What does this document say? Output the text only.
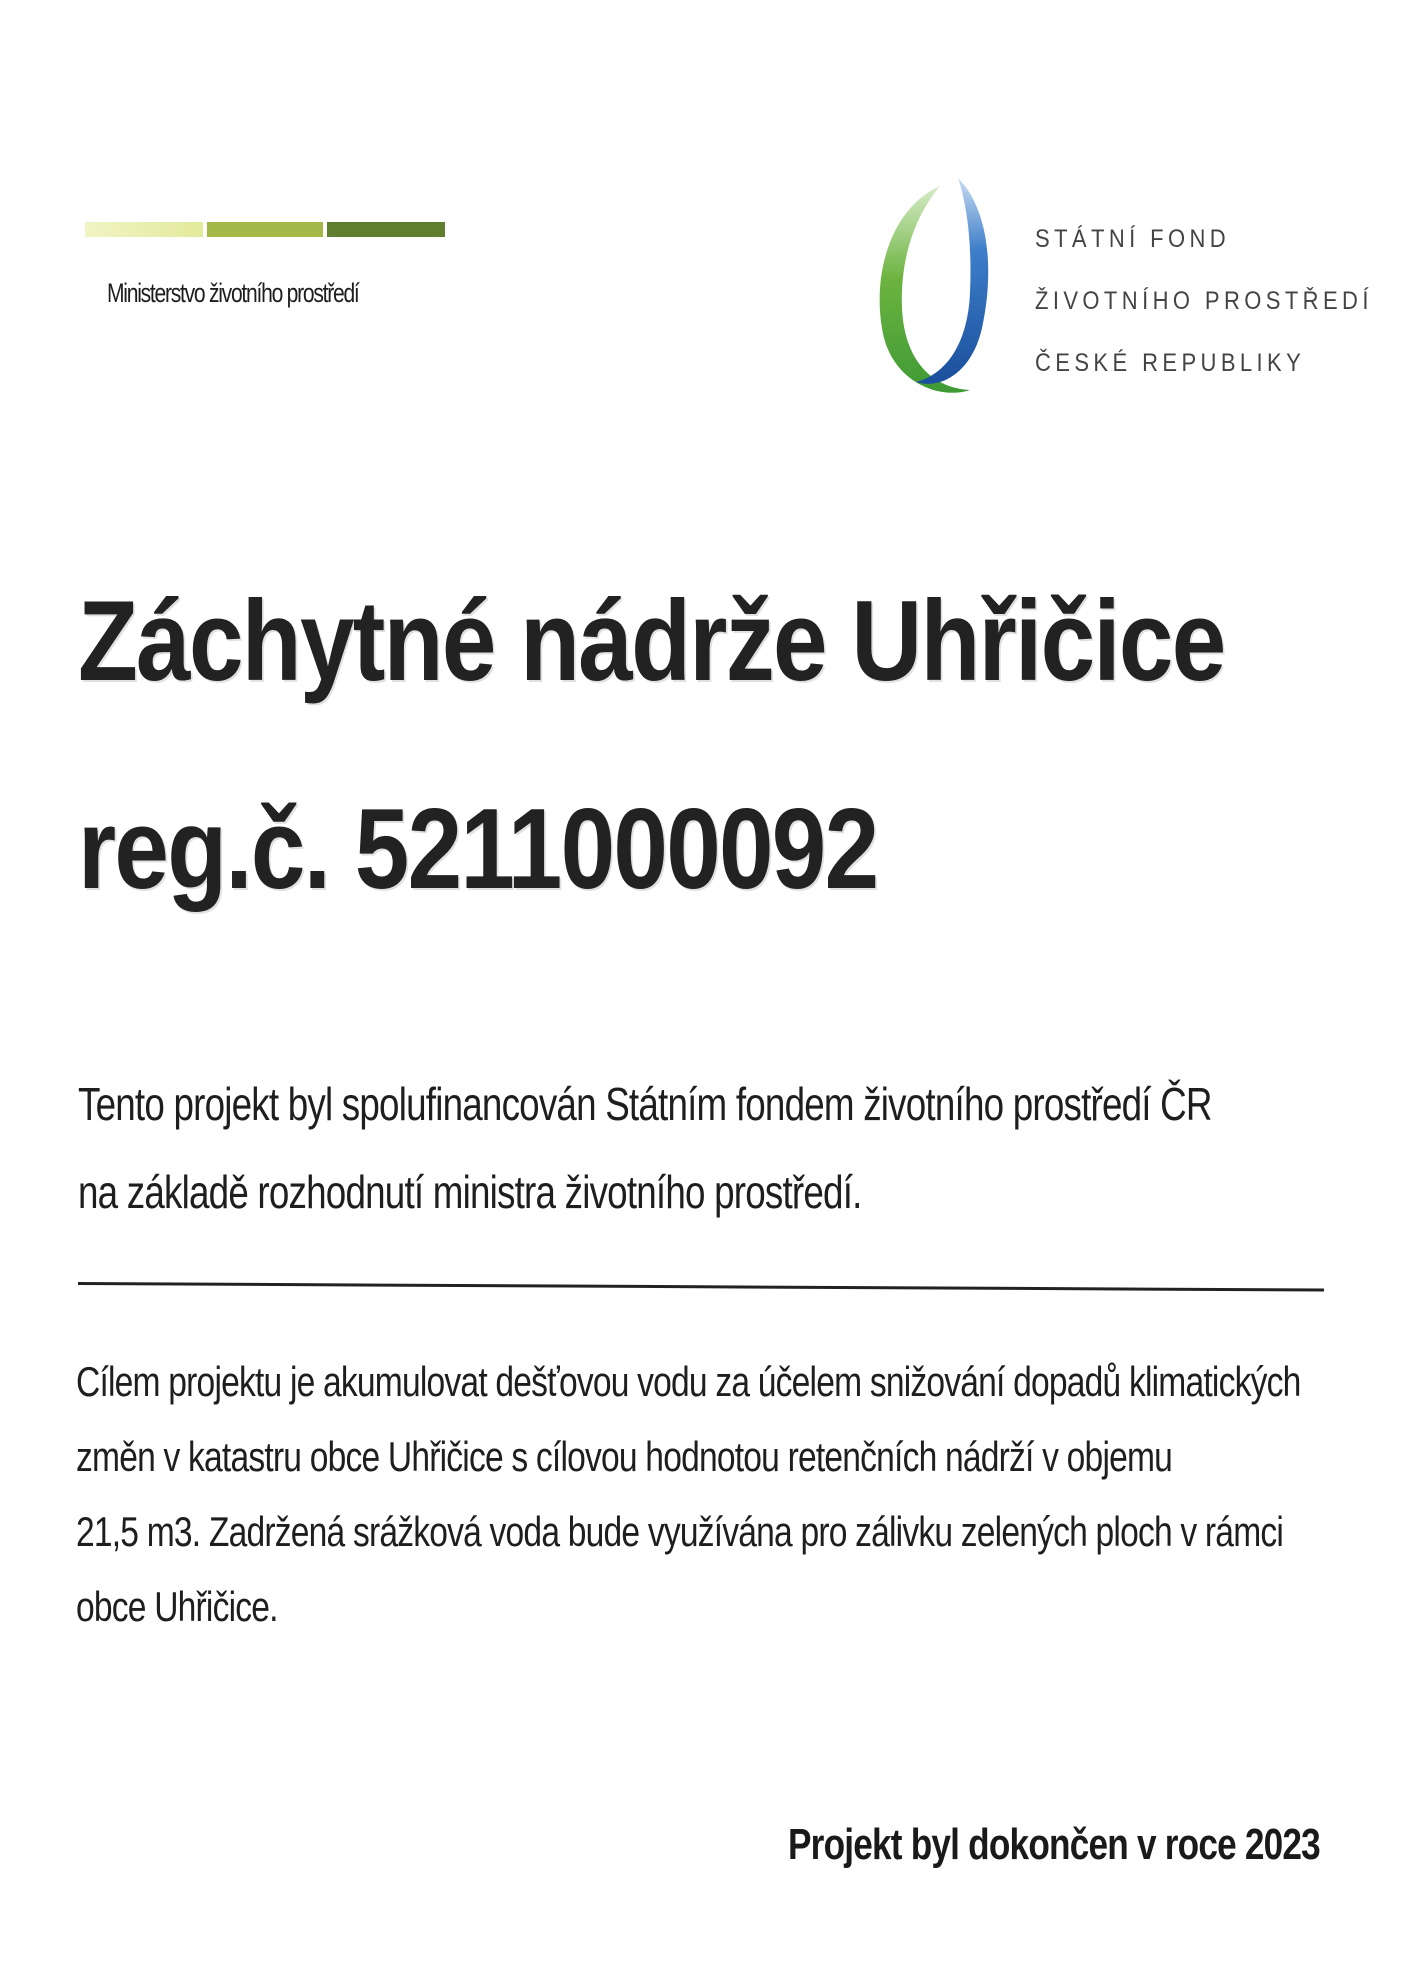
Ministerstvo životního prostředí
STÁTNÍ FOND
ŽIVOTNÍHO PROSTŘEDÍ
ČESKÉ REPUBLIKY
Záchytné nádrže Uhřičice
reg.č. 5211000092
Tento projekt byl spolufinancován Státním fondem životního prostředí ČR
na základě rozhodnutí ministra životního prostředí.
Cílem projektu je akumulovat dešťovou vodu za účelem snižování dopadů klimatických
změn v katastru obce Uhřičice s cílovou hodnotou retenčních nádrží v objemu
21,5 m3. Zadržená srážková voda bude využívána pro zálivku zelených ploch v rámci
obce Uhřičice.
Projekt byl dokončen v roce 2023
